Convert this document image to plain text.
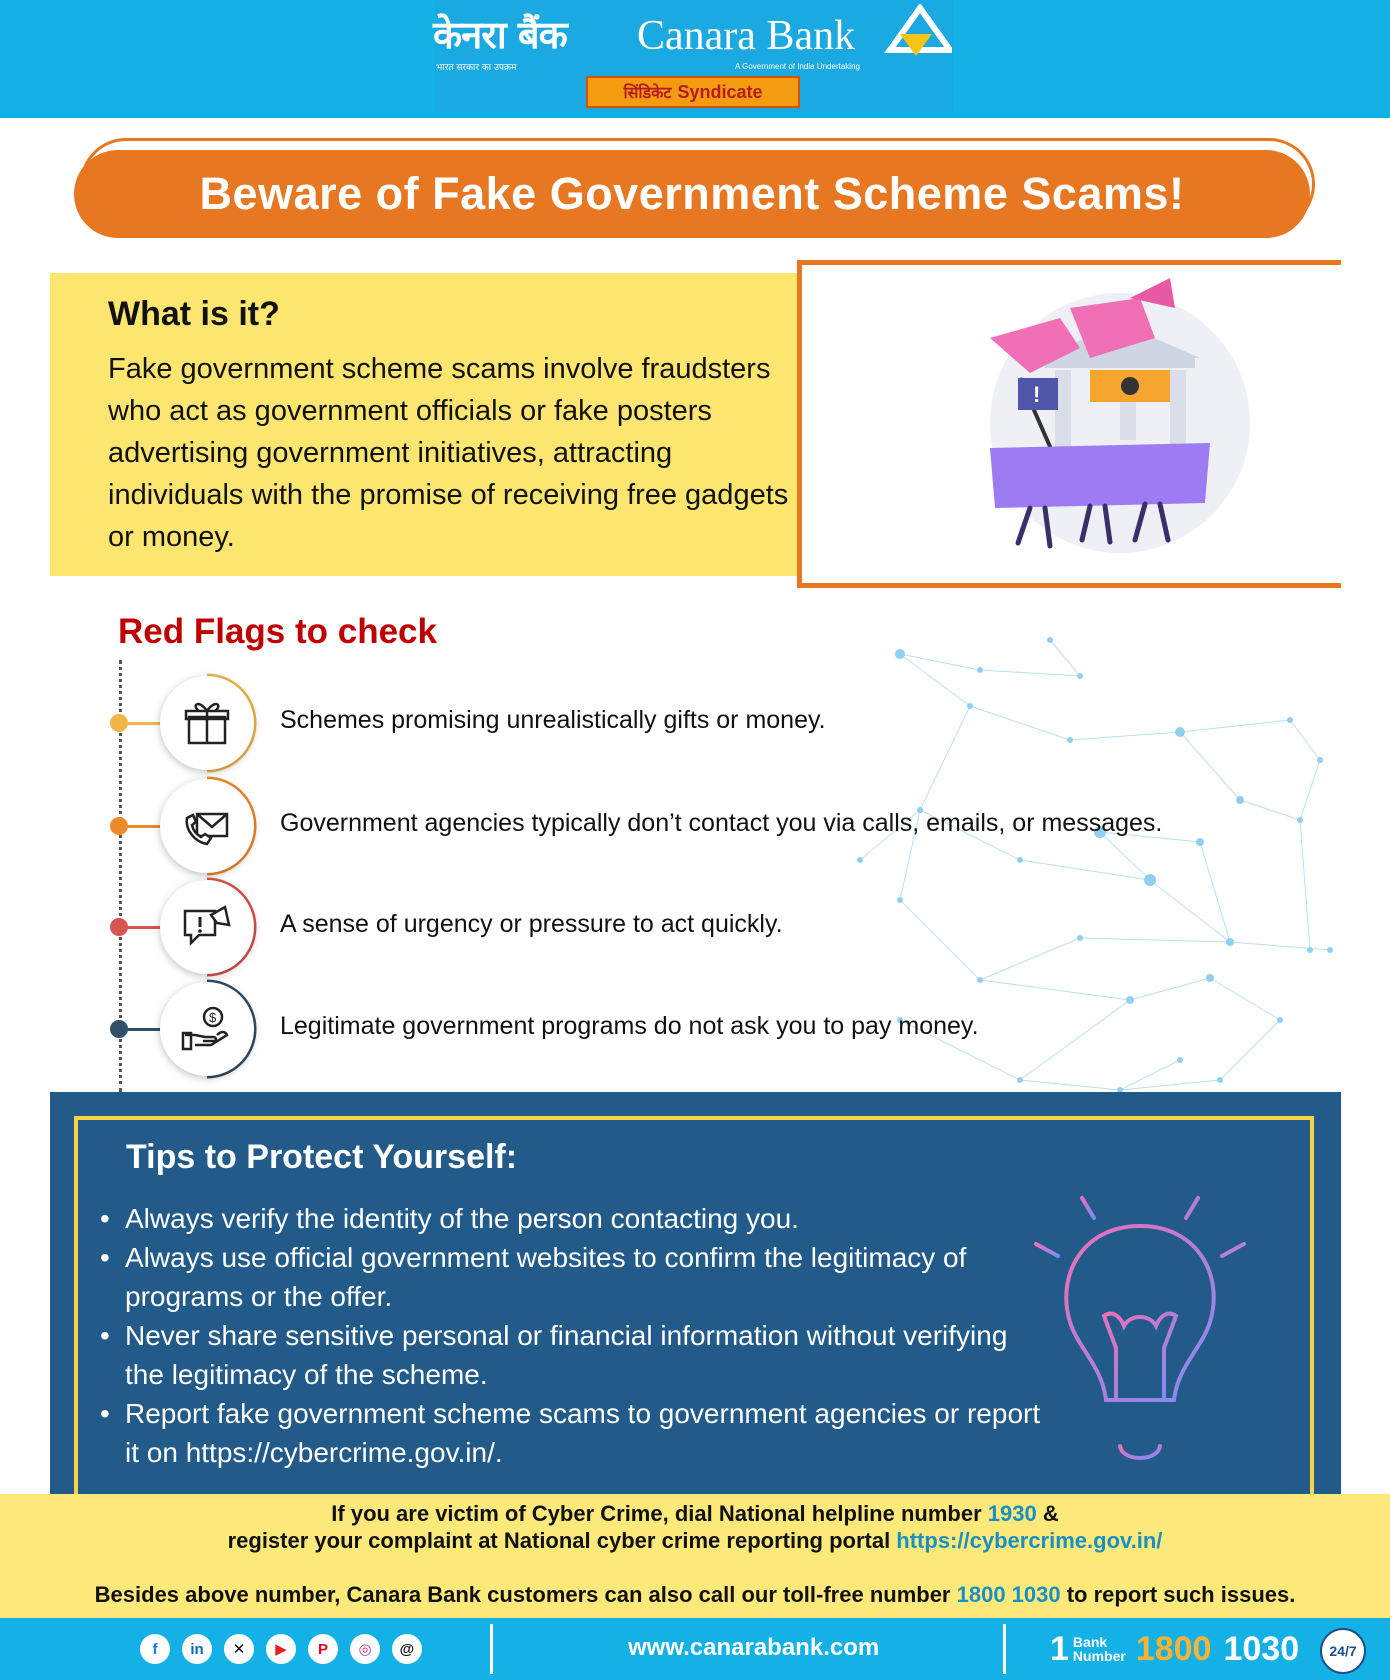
केनरा बैंक
भारत सरकार का उपक्रम
Canara Bank
A Government of India Undertaking
सिंडिकेट Syndicate
Beware of Fake Government Scheme Scams!
What is it?
Fake government scheme scams involve fraudsters who act as government officials or fake posters advertising government initiatives, attracting individuals with the promise of receiving free gadgets or money.
!
Red Flags to check
Schemes promising unrealistically gifts or money.
Government agencies typically don’t contact you via calls, emails, or messages.
A sense of urgency or pressure to act quickly.
$	Legitimate government programs do not ask you to pay money.
Tips to Protect Yourself:
• Always verify the identity of the person contacting you.
• Always use official government websites to confirm the legitimacy of programs or the offer.
• Never share sensitive personal or financial information without verifying the legitimacy of the scheme.
• Report fake government scheme scams to government agencies or report it on https://cybercrime.gov.in/.
If you are victim of Cyber Crime, dial National helpline number 1930 &
register your complaint at National cyber crime reporting portal https://cybercrime.gov.in/
Besides above number, Canara Bank customers can also call our toll-free number 1800 1030 to report such issues.
f	in	✕	▶	P	◎	@	www.canarabank.com	1 Bank
Number 1800 1030	24/7
